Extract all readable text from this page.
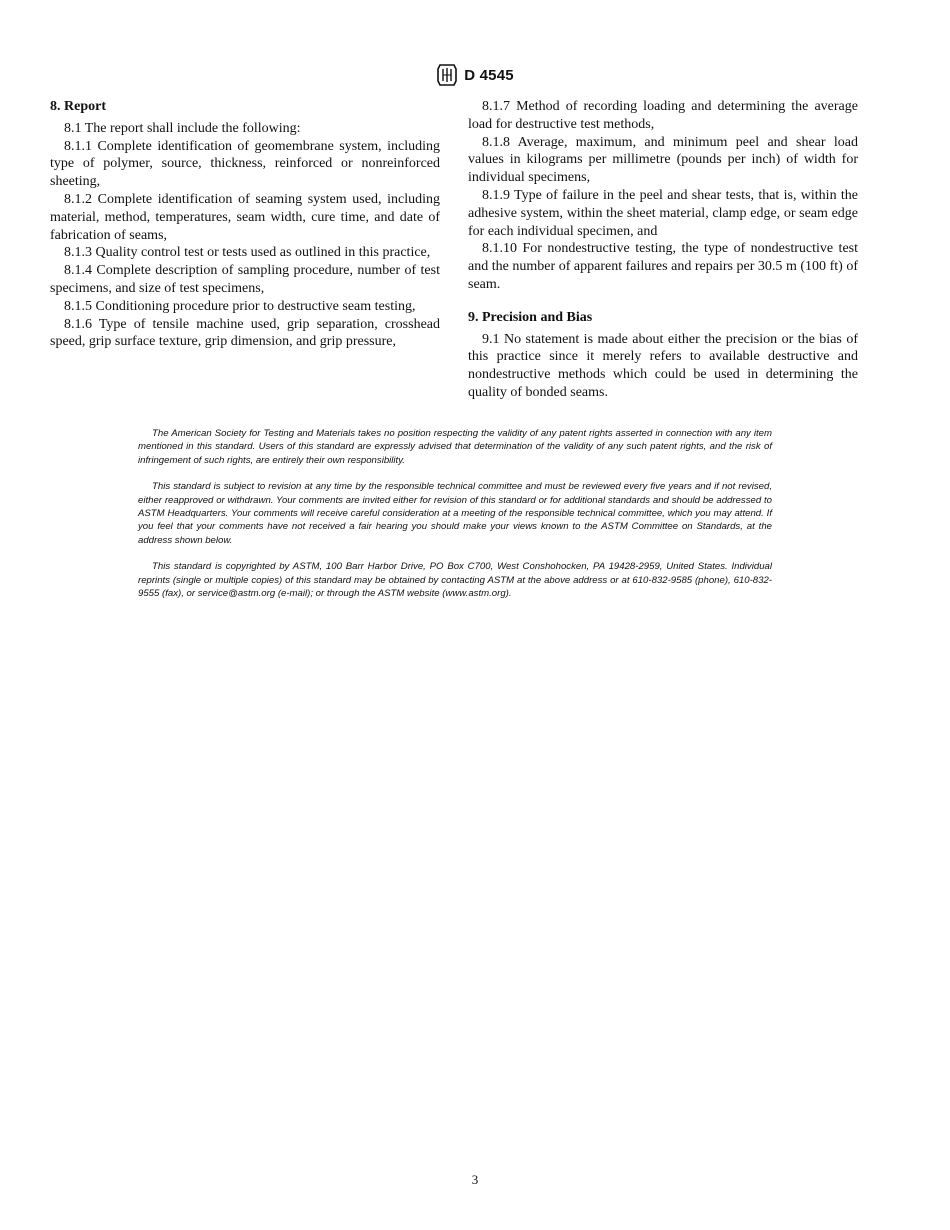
D 4545

8. Report

8.1 The report shall include the following:

8.1.1 Complete identification of geomembrane system, including type of polymer, source, thickness, reinforced or nonreinforced sheeting,

8.1.2 Complete identification of seaming system used, including material, method, temperatures, seam width, cure time, and date of fabrication of seams,

8.1.3 Quality control test or tests used as outlined in this practice,

8.1.4 Complete description of sampling procedure, number of test specimens, and size of test specimens,

8.1.5 Conditioning procedure prior to destructive seam testing,

8.1.6 Type of tensile machine used, grip separation, crosshead speed, grip surface texture, grip dimension, and grip pressure,

8.1.7 Method of recording loading and determining the average load for destructive test methods,

8.1.8 Average, maximum, and minimum peel and shear load values in kilograms per millimetre (pounds per inch) of width for individual specimens,

8.1.9 Type of failure in the peel and shear tests, that is, within the adhesive system, within the sheet material, clamp edge, or seam edge for each individual specimen, and

8.1.10 For nondestructive testing, the type of nondestructive test and the number of apparent failures and repairs per 30.5 m (100 ft) of seam.

9. Precision and Bias

9.1 No statement is made about either the precision or the bias of this practice since it merely refers to available destructive and nondestructive methods which could be used in determining the quality of bonded seams.

The American Society for Testing and Materials takes no position respecting the validity of any patent rights asserted in connection with any item mentioned in this standard. Users of this standard are expressly advised that determination of the validity of any such patent rights, and the risk of infringement of such rights, are entirely their own responsibility.

This standard is subject to revision at any time by the responsible technical committee and must be reviewed every five years and if not revised, either reapproved or withdrawn. Your comments are invited either for revision of this standard or for additional standards and should be addressed to ASTM Headquarters. Your comments will receive careful consideration at a meeting of the responsible technical committee, which you may attend. If you feel that your comments have not received a fair hearing you should make your views known to the ASTM Committee on Standards, at the address shown below.

This standard is copyrighted by ASTM, 100 Barr Harbor Drive, PO Box C700, West Conshohocken, PA 19428-2959, United States. Individual reprints (single or multiple copies) of this standard may be obtained by contacting ASTM at the above address or at 610-832-9585 (phone), 610-832-9555 (fax), or service@astm.org (e-mail); or through the ASTM website (www.astm.org).

3
